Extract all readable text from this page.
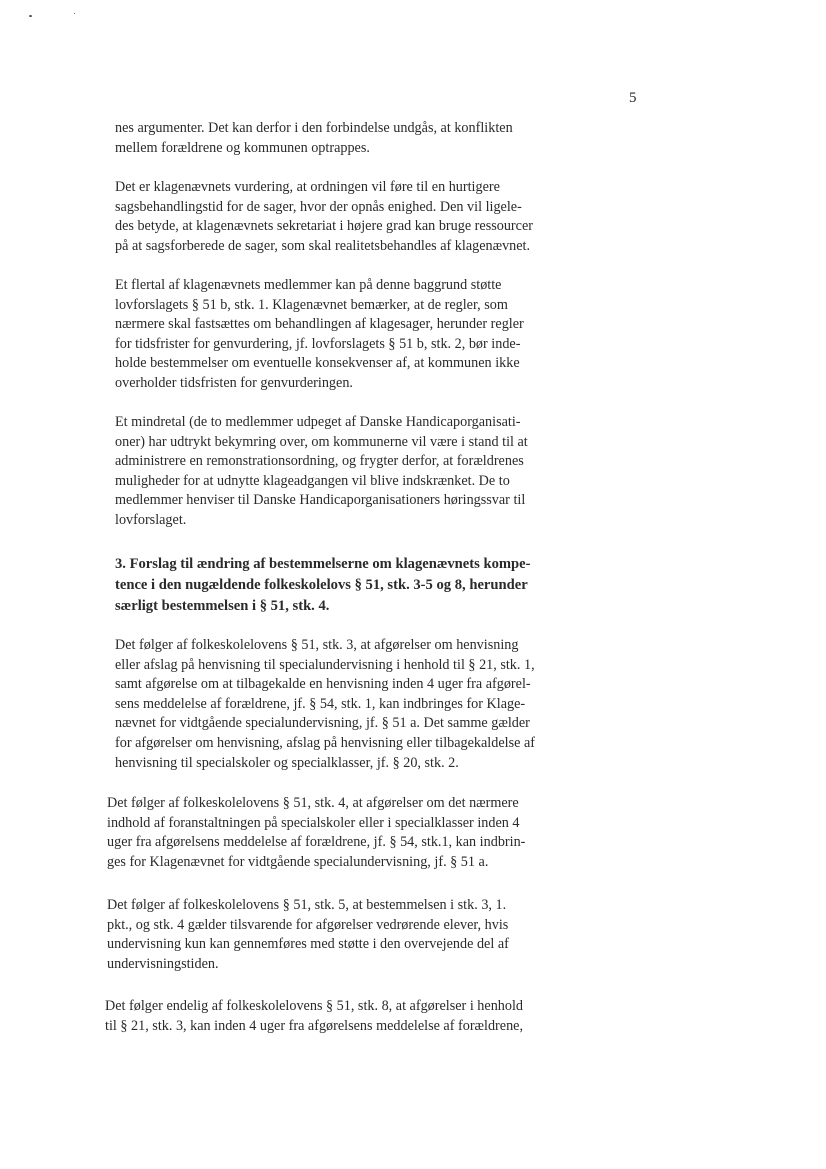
5
nes argumenter. Det kan derfor i den forbindelse undgås, at konflikten
mellem forældrene og kommunen optrappes.
Det er klagenævnets vurdering, at ordningen vil føre til en hurtigere
sagsbehandlingstid for de sager, hvor der opnås enighed. Den vil ligele-
des betyde, at klagenævnets sekretariat i højere grad kan bruge ressourcer
på at sagsforberede de sager, som skal realitetsbehandles af klagenævnet.
Et flertal af klagenævnets medlemmer kan på denne baggrund støtte
lovforslagets § 51 b, stk. 1. Klagenævnet bemærker, at de regler, som
nærmere skal fastsættes om behandlingen af klagesager, herunder regler
for tidsfrister for genvurdering, jf. lovforslagets § 51 b, stk. 2, bør inde-
holde bestemmelser om eventuelle konsekvenser af, at kommunen ikke
overholder tidsfristen for genvurderingen.
Et mindretal (de to medlemmer udpeget af Danske Handicaporganisati-
oner) har udtrykt bekymring over, om kommunerne vil være i stand til at
administrere en remonstrationsordning, og frygter derfor, at forældrenes
muligheder for at udnytte klageadgangen vil blive indskrænket. De to
medlemmer henviser til Danske Handicaporganisationers høringssvar til
lovforslaget.
3. Forslag til ændring af bestemmelserne om klagenævnets kompe-
tence i den nugældende folkeskolelovs § 51, stk. 3-5 og 8, herunder
særligt bestemmelsen i § 51, stk. 4.
Det følger af folkeskolelovens § 51, stk. 3, at afgørelser om henvisning
eller afslag på henvisning til specialundervisning i henhold til § 21, stk. 1,
samt afgørelse om at tilbagekalde en henvisning inden 4 uger fra afgørel-
sens meddelelse af forældrene, jf. § 54, stk. 1, kan indbringes for Klage-
nævnet for vidtgående specialundervisning, jf. § 51 a. Det samme gælder
for afgørelser om henvisning, afslag på henvisning eller tilbagekaldelse af
henvisning til specialskoler og specialklasser, jf. § 20, stk. 2.
Det følger af folkeskolelovens § 51, stk. 4, at afgørelser om det nærmere
indhold af foranstaltningen på specialskoler eller i specialklasser inden 4
uger fra afgørelsens meddelelse af forældrene, jf. § 54, stk.1, kan indbrin-
ges for Klagenævnet for vidtgående specialundervisning, jf. § 51 a.
Det følger af folkeskolelovens § 51, stk. 5, at bestemmelsen i stk. 3, 1.
pkt., og stk. 4 gælder tilsvarende for afgørelser vedrørende elever, hvis
undervisning kun kan gennemføres med støtte i den overvejende del af
undervisningstiden.
Det følger endelig af folkeskolelovens § 51, stk. 8, at afgørelser i henhold
til § 21, stk. 3, kan inden 4 uger fra afgørelsens meddelelse af forældrene,
